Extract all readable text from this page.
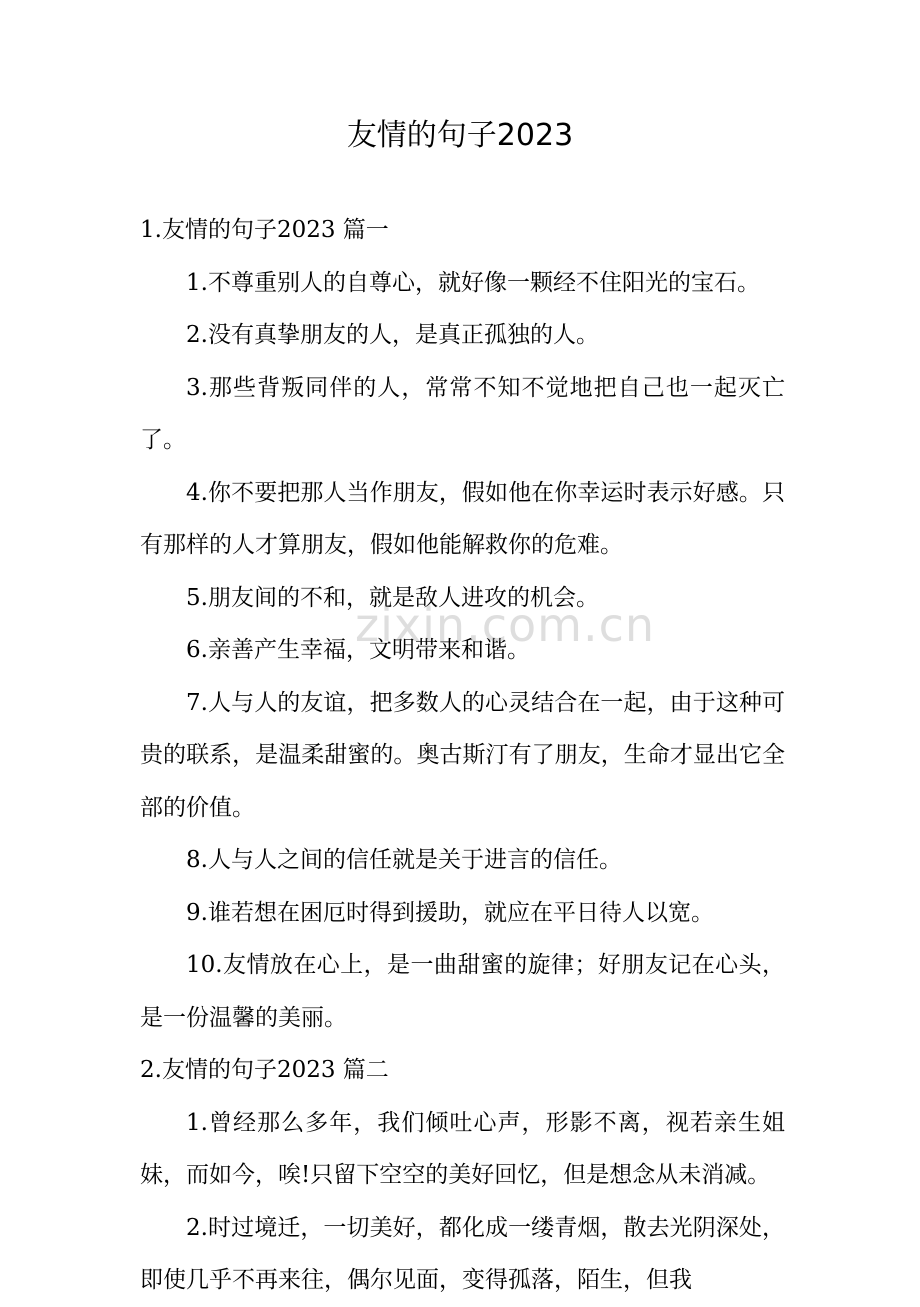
友情的句子2023
1.友情的句子2023 篇一

1.不尊重别人的自尊心，就好像一颗经不住阳光的宝石。

2.没有真挚朋友的人，是真正孤独的人。

3.那些背叛同伴的人，常常不知不觉地把自己也一起灭亡了。

4.你不要把那人当作朋友，假如他在你幸运时表示好感。只有那样的人才算朋友，假如他能解救你的危难。

5.朋友间的不和，就是敌人进攻的机会。

6.亲善产生幸福，文明带来和谐。

7.人与人的友谊，把多数人的心灵结合在一起，由于这种可贵的联系，是温柔甜蜜的。奥古斯汀有了朋友，生命才显出它全部的价值。

8.人与人之间的信任就是关于进言的信任。

9.谁若想在困厄时得到援助，就应在平日待人以宽。

10.友情放在心上，是一曲甜蜜的旋律；好朋友记在心头，是一份温馨的美丽。

2.友情的句子2023 篇二

1.曾经那么多年，我们倾吐心声，形影不离，视若亲生姐妹，而如今，唉!只留下空空的美好回忆，但是想念从未消减。

2.时过境迁，一切美好，都化成一缕青烟，散去光阴深处，即使几乎不再来往，偶尔见面，变得孤落，陌生，但我

zixin.com.cn
